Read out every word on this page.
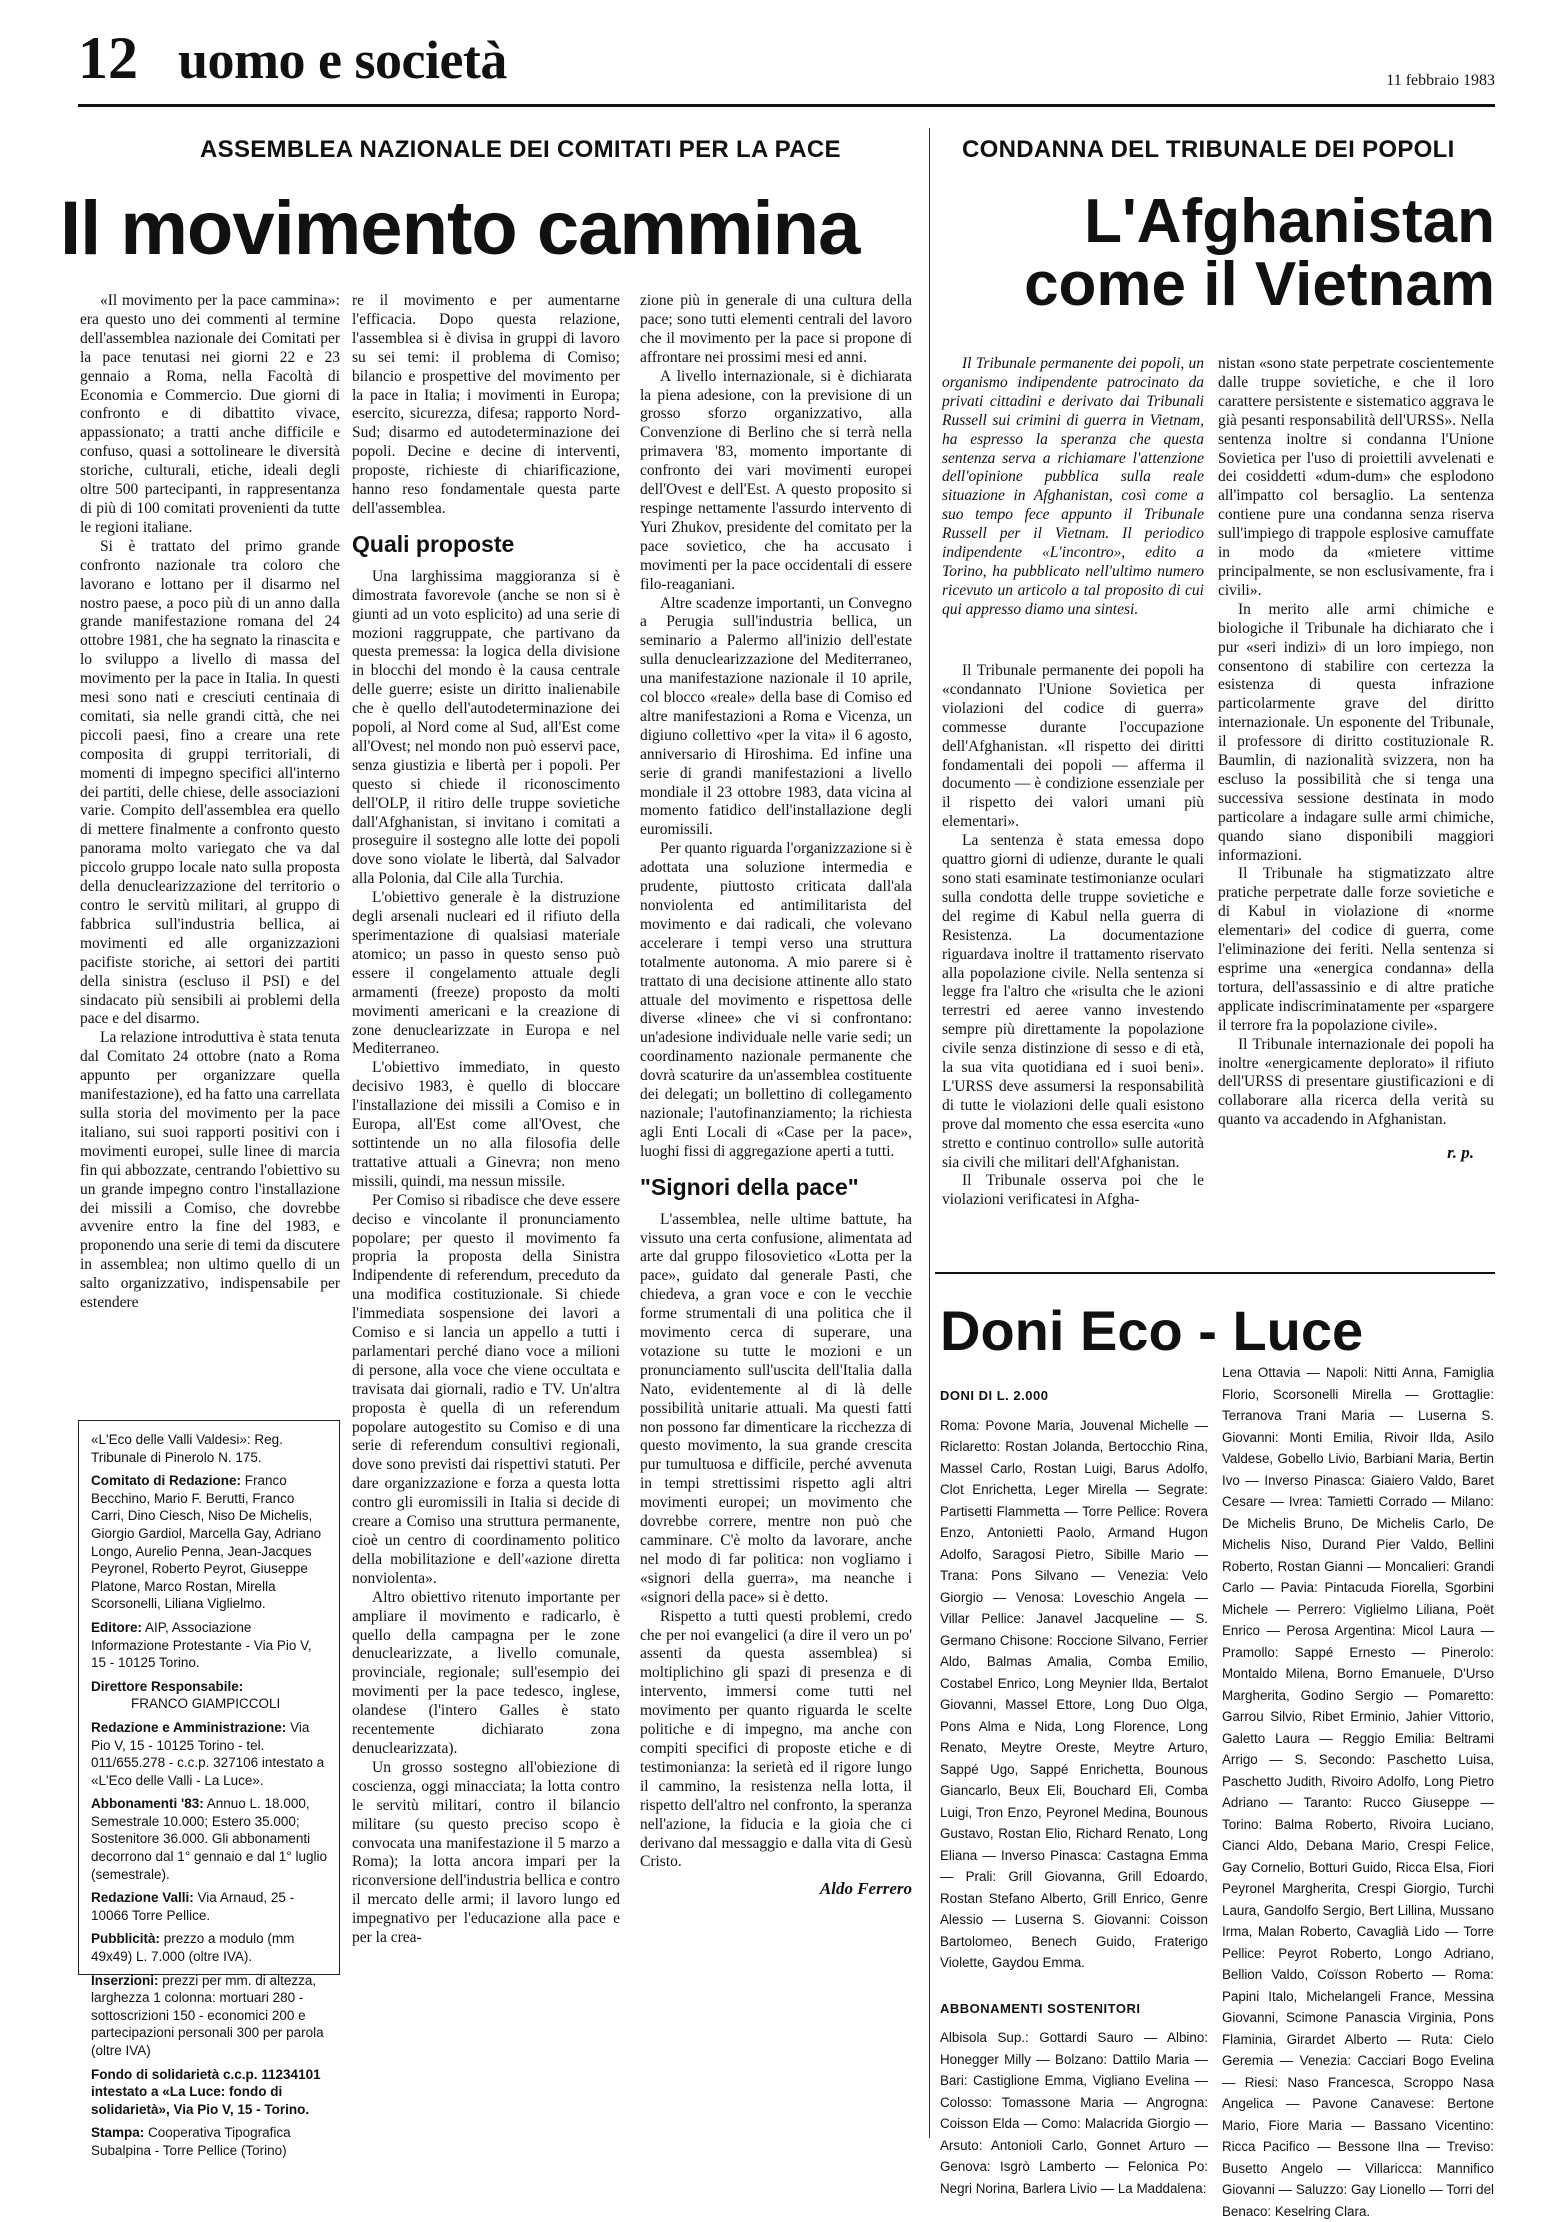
12 uomo e società	11 febbraio 1983
ASSEMBLEA NAZIONALE DEI COMITATI PER LA PACE
Il movimento cammina

«Il movimento per la pace cammina»: era questo uno dei commenti al termine dell'assemblea nazionale dei Comitati per la pace tenutasi nei giorni 22 e 23 gennaio a Roma, nella Facoltà di Economia e Commercio. Due giorni di confronto e di dibattito vivace, appassionato; a tratti anche difficile e confuso, quasi a sottolineare le diversità storiche, culturali, etiche, ideali degli oltre 500 partecipanti, in rappresentanza di più di 100 comitati provenienti da tutte le regioni italiane.

Si è trattato del primo grande confronto nazionale tra coloro che lavorano e lottano per il disarmo nel nostro paese, a poco più di un anno dalla grande manifestazione romana del 24 ottobre 1981, che ha segnato la rinascita e lo sviluppo a livello di massa del movimento per la pace in Italia. In questi mesi sono nati e cresciuti centinaia di comitati, sia nelle grandi città, che nei piccoli paesi, fino a creare una rete composita di gruppi territoriali, di momenti di impegno specifici all'interno dei partiti, delle chiese, delle associazioni varie. Compito dell'assemblea era quello di mettere finalmente a confronto questo panorama molto variegato che va dal piccolo gruppo locale nato sulla proposta della denuclearizzazione del territorio o contro le servitù militari, al gruppo di fabbrica sull'industria bellica, ai movimenti ed alle organizzazioni pacifiste storiche, ai settori dei partiti della sinistra (escluso il PSI) e del sindacato più sensibili ai problemi della pace e del disarmo.

La relazione introduttiva è stata tenuta dal Comitato 24 ottobre (nato a Roma appunto per organizzare quella manifestazione), ed ha fatto una carrellata sulla storia del movimento per la pace italiano, sui suoi rapporti positivi con i movimenti europei, sulle linee di marcia fin qui abbozzate, centrando l'obiettivo su un grande impegno contro l'installazione dei missili a Comiso, che dovrebbe avvenire entro la fine del 1983, e proponendo una serie di temi da discutere in assemblea; non ultimo quello di un salto organizzativo, indispensabile per estendere

«L'Eco delle Valli Valdesi»: Reg. Tribunale di Pinerolo N. 175.

Comitato di Redazione: Franco Becchino, Mario F. Berutti, Franco Carri, Dino Ciesch, Niso De Michelis, Giorgio Gardiol, Marcella Gay, Adriano Longo, Aurelio Penna, Jean-Jacques Peyronel, Roberto Peyrot, Giuseppe Platone, Marco Rostan, Mirella Scorsonelli, Liliana Viglielmo.

Editore: AIP, Associazione Informazione Protestante - Via Pio V, 15 - 10125 Torino.

Direttore Responsabile:
FRANCO GIAMPICCOLI

Redazione e Amministrazione: Via Pio V, 15 - 10125 Torino - tel. 011/655.278 - c.c.p. 327106 intestato a «L'Eco delle Valli - La Luce».

Abbonamenti '83: Annuo L. 18.000, Semestrale 10.000; Estero 35.000; Sostenitore 36.000. Gli abbonamenti decorrono dal 1° gennaio e dal 1° luglio (semestrale).

Redazione Valli: Via Arnaud, 25 - 10066 Torre Pellice.

Pubblicità: prezzo a modulo (mm 49x49) L. 7.000 (oltre IVA).

Inserzioni: prezzi per mm. di altezza, larghezza 1 colonna: mortuari 280 - sottoscrizioni 150 - economici 200 e partecipazioni personali 300 per parola (oltre IVA)

Fondo di solidarietà c.c.p. 11234101 intestato a «La Luce: fondo di solidarietà», Via Pio V, 15 - Torino.

Stampa: Cooperativa Tipografica Subalpina - Torre Pellice (Torino)

re il movimento e per aumentarne l'efficacia. Dopo questa relazione, l'assemblea si è divisa in gruppi di lavoro su sei temi: il problema di Comiso; bilancio e prospettive del movimento per la pace in Italia; i movimenti in Europa; esercito, sicurezza, difesa; rapporto Nord-Sud; disarmo ed autodeterminazione dei popoli. Decine e decine di interventi, proposte, richieste di chiarificazione, hanno reso fondamentale questa parte dell'assemblea.

Quali proposte

Una larghissima maggioranza si è dimostrata favorevole (anche se non si è giunti ad un voto esplicito) ad una serie di mozioni raggruppate, che partivano da questa premessa: la logica della divisione in blocchi del mondo è la causa centrale delle guerre; esiste un diritto inalienabile che è quello dell'autodeterminazione dei popoli, al Nord come al Sud, all'Est come all'Ovest; nel mondo non può esservi pace, senza giustizia e libertà per i popoli. Per questo si chiede il riconoscimento dell'OLP, il ritiro delle truppe sovietiche dall'Afghanistan, si invitano i comitati a proseguire il sostegno alle lotte dei popoli dove sono violate le libertà, dal Salvador alla Polonia, dal Cile alla Turchia.

L'obiettivo generale è la distruzione degli arsenali nucleari ed il rifiuto della sperimentazione di qualsiasi materiale atomico; un passo in questo senso può essere il congelamento attuale degli armamenti (freeze) proposto da molti movimenti americani e la creazione di zone denuclearizzate in Europa e nel Mediterraneo.

L'obiettivo immediato, in questo decisivo 1983, è quello di bloccare l'installazione dei missili a Comiso e in Europa, all'Est come all'Ovest, che sottintende un no alla filosofia delle trattative attuali a Ginevra; non meno missili, quindi, ma nessun missile.

Per Comiso si ribadisce che deve essere deciso e vincolante il pronunciamento popolare; per questo il movimento fa propria la proposta della Sinistra Indipendente di referendum, preceduto da una modifica costituzionale. Si chiede l'immediata sospensione dei lavori a Comiso e si lancia un appello a tutti i parlamentari perché diano voce a milioni di persone, alla voce che viene occultata e travisata dai giornali, radio e TV. Un'altra proposta è quella di un referendum popolare autogestito su Comiso e di una serie di referendum consultivi regionali, dove sono previsti dai rispettivi statuti. Per dare organizzazione e forza a questa lotta contro gli euromissili in Italia si decide di creare a Comiso una struttura permanente, cioè un centro di coordinamento politico della mobilitazione e dell'«azione diretta nonviolenta».

Altro obiettivo ritenuto importante per ampliare il movimento e radicarlo, è quello della campagna per le zone denuclearizzate, a livello comunale, provinciale, regionale; sull'esempio dei movimenti per la pace tedesco, inglese, olandese (l'intero Galles è stato recentemente dichiarato zona denuclearizzata).

Un grosso sostegno all'obiezione di coscienza, oggi minacciata; la lotta contro le servitù militari, contro il bilancio militare (su questo preciso scopo è convocata una manifestazione il 5 marzo a Roma); la lotta ancora impari per la riconversione dell'industria bellica e contro il mercato delle armi; il lavoro lungo ed impegnativo per l'educazione alla pace e per la crea-

zione più in generale di una cultura della pace; sono tutti elementi centrali del lavoro che il movimento per la pace si propone di affrontare nei prossimi mesi ed anni.

A livello internazionale, si è dichiarata la piena adesione, con la previsione di un grosso sforzo organizzativo, alla Convenzione di Berlino che si terrà nella primavera '83, momento importante di confronto dei vari movimenti europei dell'Ovest e dell'Est. A questo proposito si respinge nettamente l'assurdo intervento di Yuri Zhukov, presidente del comitato per la pace sovietico, che ha accusato i movimenti per la pace occidentali di essere filo-reaganiani.

Altre scadenze importanti, un Convegno a Perugia sull'industria bellica, un seminario a Palermo all'inizio dell'estate sulla denuclearizzazione del Mediterraneo, una manifestazione nazionale il 10 aprile, col blocco «reale» della base di Comiso ed altre manifestazioni a Roma e Vicenza, un digiuno collettivo «per la vita» il 6 agosto, anniversario di Hiroshima. Ed infine una serie di grandi manifestazioni a livello mondiale il 23 ottobre 1983, data vicina al momento fatidico dell'installazione degli euromissili.

Per quanto riguarda l'organizzazione si è adottata una soluzione intermedia e prudente, piuttosto criticata dall'ala nonviolenta ed antimilitarista del movimento e dai radicali, che volevano accelerare i tempi verso una struttura totalmente autonoma. A mio parere si è trattato di una decisione attinente allo stato attuale del movimento e rispettosa delle diverse «linee» che vi si confrontano: un'adesione individuale nelle varie sedi; un coordinamento nazionale permanente che dovrà scaturire da un'assemblea costituente dei delegati; un bollettino di collegamento nazionale; l'autofinanziamento; la richiesta agli Enti Locali di «Case per la pace», luoghi fissi di aggregazione aperti a tutti.

"Signori della pace"

L'assemblea, nelle ultime battute, ha vissuto una certa confusione, alimentata ad arte dal gruppo filosovietico «Lotta per la pace», guidato dal generale Pasti, che chiedeva, a gran voce e con le vecchie forme strumentali di una politica che il movimento cerca di superare, una votazione su tutte le mozioni e un pronunciamento sull'uscita dell'Italia dalla Nato, evidentemente al di là delle possibilità unitarie attuali. Ma questi fatti non possono far dimenticare la ricchezza di questo movimento, la sua grande crescita pur tumultuosa e difficile, perché avvenuta in tempi strettissimi rispetto agli altri movimenti europei; un movimento che dovrebbe correre, mentre non può che camminare. C'è molto da lavorare, anche nel modo di far politica: non vogliamo i «signori della guerra», ma neanche i «signori della pace» si è detto.

Rispetto a tutti questi problemi, credo che per noi evangelici (a dire il vero un po' assenti da questa assemblea) si moltiplichino gli spazi di presenza e di intervento, immersi come tutti nel movimento per quanto riguarda le scelte politiche e di impegno, ma anche con compiti specifici di proposte etiche e di testimonianza: la serietà ed il rigore lungo il cammino, la resistenza nella lotta, il rispetto dell'altro nel confronto, la speranza nell'azione, la fiducia e la gioia che ci derivano dal messaggio e dalla vita di Gesù Cristo.

Aldo Ferrero
CONDANNA DEL TRIBUNALE DEI POPOLI
L'Afghanistan
come il Vietnam

Il Tribunale permanente dei popoli, un organismo indipendente patrocinato da privati cittadini e derivato dai Tribunali Russell sui crimini di guerra in Vietnam, ha espresso la speranza che questa sentenza serva a richiamare l'attenzione dell'opinione pubblica sulla reale situazione in Afghanistan, così come a suo tempo fece appunto il Tribunale Russell per il Vietnam. Il periodico indipendente «L'incontro», edito a Torino, ha pubblicato nell'ultimo numero ricevuto un articolo a tal proposito di cui qui appresso diamo una sintesi.

Il Tribunale permanente dei popoli ha «condannato l'Unione Sovietica per violazioni del codice di guerra» commesse durante l'occupazione dell'Afghanistan. «Il rispetto dei diritti fondamentali dei popoli — afferma il documento — è condizione essenziale per il rispetto dei valori umani più elementari».

La sentenza è stata emessa dopo quattro giorni di udienze, durante le quali sono stati esaminate testimonianze oculari sulla condotta delle truppe sovietiche e del regime di Kabul nella guerra di Resistenza. La documentazione riguardava inoltre il trattamento riservato alla popolazione civile. Nella sentenza si legge fra l'altro che «risulta che le azioni terrestri ed aeree vanno investendo sempre più direttamente la popolazione civile senza distinzione di sesso e di età, la sua vita quotidiana ed i suoi beni». L'URSS deve assumersi la responsabilità di tutte le violazioni delle quali esistono prove dal momento che essa esercita «uno stretto e continuo controllo» sulle autorità sia civili che militari dell'Afghanistan.

Il Tribunale osserva poi che le violazioni verificatesi in Afgha-

nistan «sono state perpetrate coscientemente dalle truppe sovietiche, e che il loro carattere persistente e sistematico aggrava le già pesanti responsabilità dell'URSS». Nella sentenza inoltre si condanna l'Unione Sovietica per l'uso di proiettili avvelenati e dei cosiddetti «dum-dum» che esplodono all'impatto col bersaglio. La sentenza contiene pure una condanna senza riserva sull'impiego di trappole esplosive camuffate in modo da «mietere vittime principalmente, se non esclusivamente, fra i civili».

In merito alle armi chimiche e biologiche il Tribunale ha dichiarato che i pur «seri indizi» di un loro impiego, non consentono di stabilire con certezza la esistenza di questa infrazione particolarmente grave del diritto internazionale. Un esponente del Tribunale, il professore di diritto costituzionale R. Baumlin, di nazionalità svizzera, non ha escluso la possibilità che si tenga una successiva sessione destinata in modo particolare a indagare sulle armi chimiche, quando siano disponibili maggiori informazioni.

Il Tribunale ha stigmatizzato altre pratiche perpetrate dalle forze sovietiche e di Kabul in violazione di «norme elementari» del codice di guerra, come l'eliminazione dei feriti. Nella sentenza si esprime una «energica condanna» della tortura, dell'assassinio e di altre pratiche applicate indiscriminatamente per «spargere il terrore fra la popolazione civile».

Il Tribunale internazionale dei popoli ha inoltre «energicamente deplorato» il rifiuto dell'URSS di presentare giustificazioni e di collaborare alla ricerca della verità su quanto va accadendo in Afghanistan.

r. p.
Doni Eco - Luce
DONI DI L. 2.000

Roma: Povone Maria, Jouvenal Michelle — Riclaretto: Rostan Jolanda, Bertocchio Rina, Massel Carlo, Rostan Luigi, Barus Adolfo, Clot Enrichetta, Leger Mirella — Segrate: Partisetti Flammetta — Torre Pellice: Rovera Enzo, Antonietti Paolo, Armand Hugon Adolfo, Saragosi Pietro, Sibille Mario — Trana: Pons Silvano — Venezia: Velo Giorgio — Venosa: Loveschio Angela — Villar Pellice: Janavel Jacqueline — S. Germano Chisone: Roccione Silvano, Ferrier Aldo, Balmas Amalia, Comba Emilio, Costabel Enrico, Long Meynier Ilda, Bertalot Giovanni, Massel Ettore, Long Duo Olga, Pons Alma e Nida, Long Florence, Long Renato, Meytre Oreste, Meytre Arturo, Sappé Ugo, Sappé Enrichetta, Bounous Giancarlo, Beux Eli, Bouchard Eli, Comba Luigi, Tron Enzo, Peyronel Medina, Bounous Gustavo, Rostan Elio, Richard Renato, Long Eliana — Inverso Pinasca: Castagna Emma — Prali: Grill Giovanna, Grill Edoardo, Rostan Stefano Alberto, Grill Enrico, Genre Alessio — Luserna S. Giovanni: Coisson Bartolomeo, Benech Guido, Fraterigo Violette, Gaydou Emma.

ABBONAMENTI SOSTENITORI

Albisola Sup.: Gottardi Sauro — Albino: Honegger Milly — Bolzano: Dattilo Maria — Bari: Castiglione Emma, Vigliano Evelina — Colosso: Tomassone Maria — Angrogna: Coisson Elda — Como: Malacrida Giorgio — Arsuto: Antonioli Carlo, Gonnet Arturo — Genova: Isgrò Lamberto — Felonica Po: Negri Norina, Barlera Livio — La Maddalena:

Lena Ottavia — Napoli: Nitti Anna, Famiglia Florio, Scorsonelli Mirella — Grottaglie: Terranova Trani Maria — Luserna S. Giovanni: Monti Emilia, Rivoir Ilda, Asilo Valdese, Gobello Livio, Barbiani Maria, Bertin Ivo — Inverso Pinasca: Giaiero Valdo, Baret Cesare — Ivrea: Tamietti Corrado — Milano: De Michelis Bruno, De Michelis Carlo, De Michelis Niso, Durand Pier Valdo, Bellini Roberto, Rostan Gianni — Moncalieri: Grandi Carlo — Pavia: Pintacuda Fiorella, Sgorbini Michele — Perrero: Viglielmo Liliana, Poët Enrico — Perosa Argentina: Micol Laura — Pramollo: Sappé Ernesto — Pinerolo: Montaldo Milena, Borno Emanuele, D'Urso Margherita, Godino Sergio — Pomaretto: Garrou Silvio, Ribet Erminio, Jahier Vittorio, Galetto Laura — Reggio Emilia: Beltrami Arrigo — S. Secondo: Paschetto Luisa, Paschetto Judith, Rivoiro Adolfo, Long Pietro Adriano — Taranto: Rucco Giuseppe — Torino: Balma Roberto, Rivoira Luciano, Cianci Aldo, Debana Mario, Crespi Felice, Gay Cornelio, Botturi Guido, Ricca Elsa, Fiori Peyronel Margherita, Crespi Giorgio, Turchi Laura, Gandolfo Sergio, Bert Lillina, Mussano Irma, Malan Roberto, Cavaglià Lido — Torre Pellice: Peyrot Roberto, Longo Adriano, Bellion Valdo, Coïsson Roberto — Roma: Papini Italo, Michelangeli France, Messina Giovanni, Scimone Panascia Virginia, Pons Flaminia, Girardet Alberto — Ruta: Cielo Geremia — Venezia: Cacciari Bogo Evelina — Riesi: Naso Francesca, Scroppo Nasa Angelica — Pavone Canavese: Bertone Mario, Fiore Maria — Bassano Vicentino: Ricca Pacifico — Bessone Ilna — Treviso: Busetto Angelo — Villaricca: Mannifico Giovanni — Saluzzo: Gay Lionello — Torri del Benaco: Keselring Clara.
